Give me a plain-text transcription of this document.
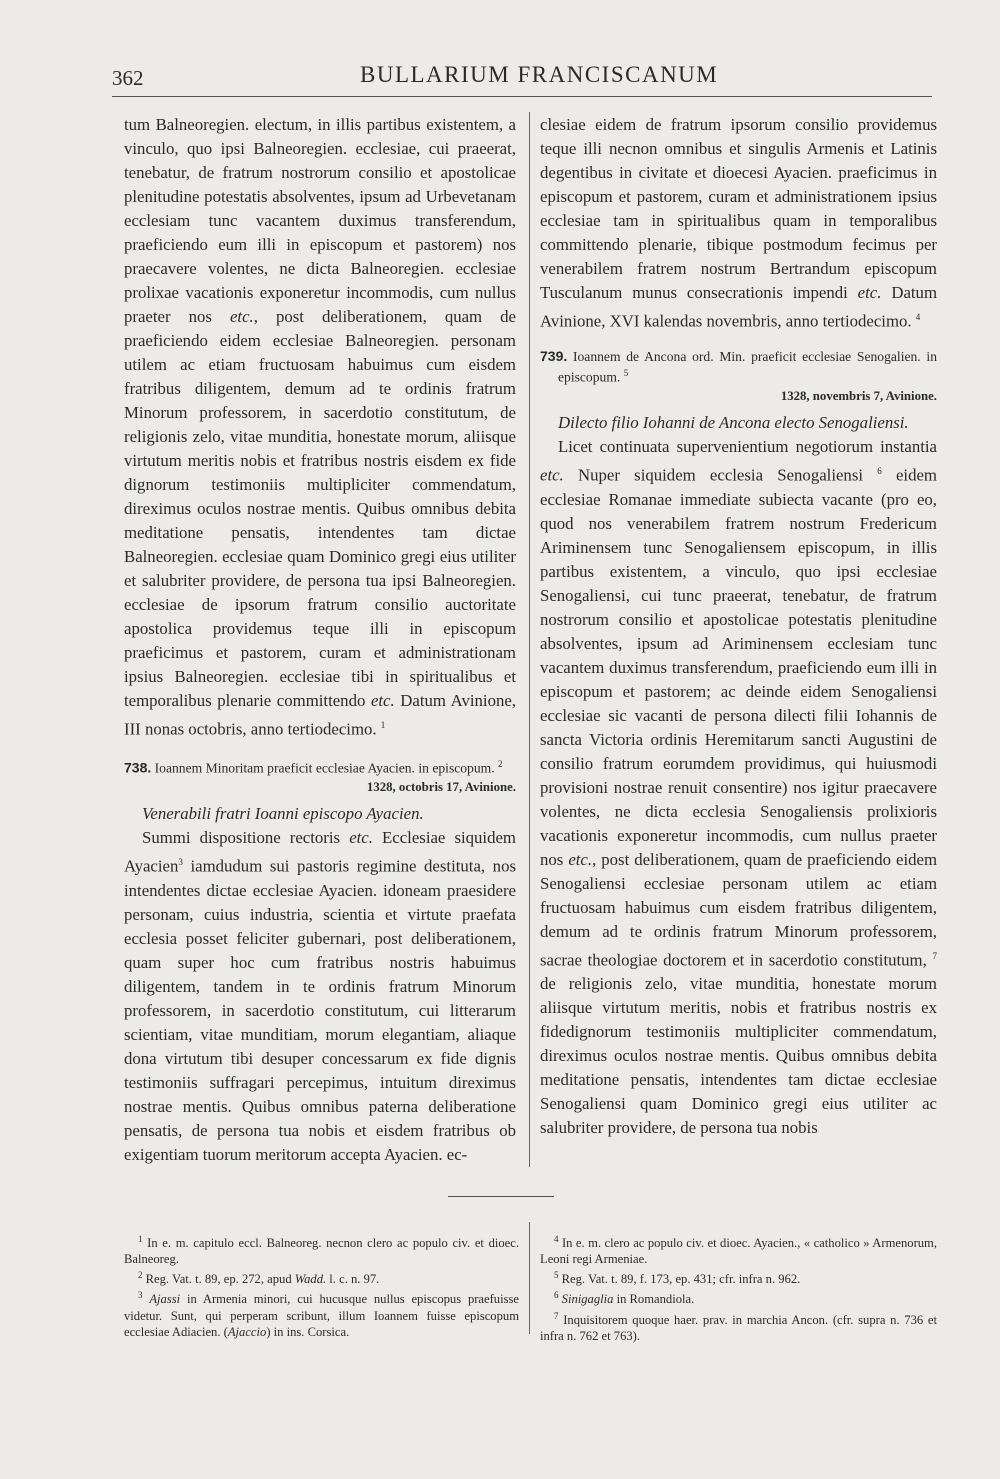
362	BULLARIUM FRANCISCANUM

tum Balneoregien. electum, in illis partibus existentem, a vinculo, quo ipsi Balneoregien. ecclesiae, cui praeerat, tenebatur, de fratrum nostrorum consilio et apostolicae plenitudine potestatis absolventes, ipsum ad Urbevetanam ecclesiam tunc vacantem duximus transferendum, praeficiendo eum illi in episcopum et pastorem) nos praecavere volentes, ne dicta Balneoregien. ecclesiae prolixae vacationis exponeretur incommodis, cum nullus praeter nos etc., post deliberationem, quam de praeficiendo eidem ecclesiae Balneoregien. personam utilem ac etiam fructuosam habuimus cum eisdem fratribus diligentem, demum ad te ordinis fratrum Minorum professorem, in sacerdotio constitutum, de religionis zelo, vitae munditia, honestate morum, aliisque virtutum meritis nobis et fratribus nostris eisdem ex fide dignorum testimoniis multipliciter commendatum, direximus oculos nostrae mentis. Quibus omnibus debita meditatione pensatis, intendentes tam dictae Balneoregien. ecclesiae quam Dominico gregi eius utiliter et salubriter providere, de persona tua ipsi Balneoregien. ecclesiae de ipsorum fratrum consilio auctoritate apostolica providemus teque illi in episcopum praeficimus et pastorem, curam et administrationam ipsius Balneoregien. ecclesiae tibi in spiritualibus et temporalibus plenarie committendo etc. Datum Avinione, III nonas octobris, anno tertiodecimo. $^1$

738. Ioannem Minoritam praeficit ecclesiae Ayacien. in episcopum. $^2$

1328, octobris 17, Avinione.

Venerabili fratri Ioanni episcopo Ayacien.

Summi dispositione rectoris etc. Ecclesiae siquidem Ayacien$^3$ iamdudum sui pastoris regimine destituta, nos intendentes dictae ecclesiae Ayacien. idoneam praesidere personam, cuius industria, scientia et virtute praefata ecclesia posset feliciter gubernari, post deliberationem, quam super hoc cum fratribus nostris habuimus diligentem, tandem in te ordinis fratrum Minorum professorem, in sacerdotio constitutum, cui litterarum scientiam, vitae munditiam, morum elegantiam, aliaque dona virtutum tibi desuper concessarum ex fide dignis testimoniis suffragari percepimus, intuitum direximus nostrae mentis. Quibus omnibus paterna deliberatione pensatis, de persona tua nobis et eisdem fratribus ob exigentiam tuorum meritorum accepta Ayacien. ec-

clesiae eidem de fratrum ipsorum consilio providemus teque illi necnon omnibus et singulis Armenis et Latinis degentibus in civitate et dioecesi Ayacien. praeficimus in episcopum et pastorem, curam et administrationem ipsius ecclesiae tam in spiritualibus quam in temporalibus committendo plenarie, tibique postmodum fecimus per venerabilem fratrem nostrum Bertrandum episcopum Tusculanum munus consecrationis impendi etc. Datum Avinione, XVI kalendas novembris, anno tertiodecimo. $^4$

739. Ioannem de Ancona ord. Min. praeficit ecclesiae Senogalien. in episcopum. $^5$

1328, novembris 7, Avinione.

Dilecto filio Iohanni de Ancona electo Senogaliensi.

Licet continuata supervenientium negotiorum instantia etc. Nuper siquidem ecclesia Senogaliensi $^6$ eidem ecclesiae Romanae immediate subiecta vacante (pro eo, quod nos venerabilem fratrem nostrum Fredericum Ariminensem tunc Senogaliensem episcopum, in illis partibus existentem, a vinculo, quo ipsi ecclesiae Senogaliensi, cui tunc praeerat, tenebatur, de fratrum nostrorum consilio et apostolicae potestatis plenitudine absolventes, ipsum ad Ariminensem ecclesiam tunc vacantem duximus transferendum, praeficiendo eum illi in episcopum et pastorem; ac deinde eidem Senogaliensi ecclesiae sic vacanti de persona dilecti filii Iohannis de sancta Victoria ordinis Heremitarum sancti Augustini de consilio fratrum eorumdem providimus, qui huiusmodi provisioni nostrae renuit consentire) nos igitur praecavere volentes, ne dicta ecclesia Senogaliensis prolixioris vacationis exponeretur incommodis, cum nullus praeter nos etc., post deliberationem, quam de praeficiendo eidem Senogaliensi ecclesiae personam utilem ac etiam fructuosam habuimus cum eisdem fratribus diligentem, demum ad te ordinis fratrum Minorum professorem, sacrae theologiae doctorem et in sacerdotio constitutum, $^7$ de religionis zelo, vitae munditia, honestate morum aliisque virtutum meritis, nobis et fratribus nostris ex fidedignorum testimoniis multipliciter commendatum, direximus oculos nostrae mentis. Quibus omnibus debita meditatione pensatis, intendentes tam dictae ecclesiae Senogaliensi quam Dominico gregi eius utiliter ac salubriter providere, de persona tua nobis

$^1$ In e. m. capitulo eccl. Balneoreg. necnon clero ac populo civ. et dioec. Balneoreg.

$^2$ Reg. Vat. t. 89, ep. 272, apud Wadd. l. c. n. 97.

$^3$ Ajassi in Armenia minori, cui hucusque nullus episcopus praefuisse videtur. Sunt, qui perperam scribunt, illum Ioannem fuisse episcopum ecclesiae Adiacien. (Ajaccio) in ins. Corsica.

$^4$ In e. m. clero ac populo civ. et dioec. Ayacien., « catholico » Armenorum, Leoni regi Armeniae.

$^5$ Reg. Vat. t. 89, f. 173, ep. 431; cfr. infra n. 962.

$^6$ Sinigaglia in Romandiola.

$^7$ Inquisitorem quoque haer. prav. in marchia Ancon. (cfr. supra n. 736 et infra n. 762 et 763).
